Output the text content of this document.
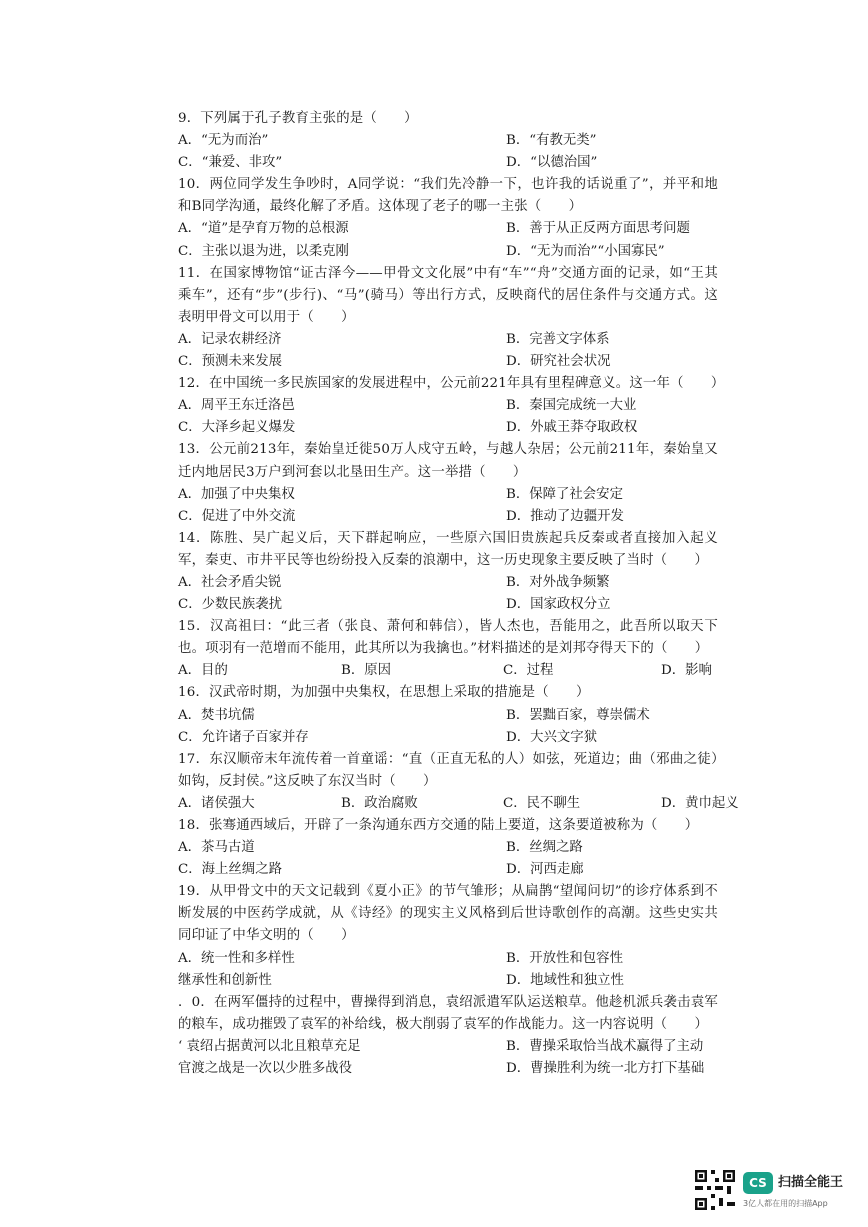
9．下列属于孔子教育主张的是（　　）
A．“无为而治”	B．“有教无类”
C．“兼爱、非攻”	D．“以德治国”
10．两位同学发生争吵时，A同学说：“我们先冷静一下，也许我的话说重了”，并平和地和B同学沟通，最终化解了矛盾。这体现了老子的哪一主张（　　）
A．“道”是孕育万物的总根源	B．善于从正反两方面思考问题
C．主张以退为进，以柔克刚	D．“无为而治”“小国寡民”
11．在国家博物馆“证古泽今——甲骨文文化展”中有“车”“舟”交通方面的记录，如“王其乘车”，还有“步”(步行)、“马”(骑马）等出行方式，反映商代的居住条件与交通方式。这表明甲骨文可以用于（　　）
A．记录农耕经济	B．完善文字体系
C．预测未来发展	D．研究社会状况
12．在中国统一多民族国家的发展进程中，公元前221年具有里程碑意义。这一年（　　）
A．周平王东迁洛邑	B．秦国完成统一大业
C．大泽乡起义爆发	D．外戚王莽夺取政权
13．公元前213年，秦始皇迁徙50万人戍守五岭，与越人杂居；公元前211年，秦始皇又迁内地居民3万户到河套以北垦田生产。这一举措（　　）
A．加强了中央集权	B．保障了社会安定
C．促进了中外交流	D．推动了边疆开发
14．陈胜、吴广起义后，天下群起响应，一些原六国旧贵族起兵反秦或者直接加入起义军，秦吏、市井平民等也纷纷投入反秦的浪潮中，这一历史现象主要反映了当时（　　）
A．社会矛盾尖锐	B．对外战争频繁
C．少数民族袭扰	D．国家政权分立
15．汉高祖曰：“此三者（张良、萧何和韩信），皆人杰也，吾能用之，此吾所以取天下也。项羽有一范增而不能用，此其所以为我擒也。”材料描述的是刘邦夺得天下的（　　）
A．目的	B．原因	C．过程	D．影响
16．汉武帝时期，为加强中央集权，在思想上采取的措施是（　　）
A．焚书坑儒	B．罢黜百家，尊崇儒术
C．允许诸子百家并存	D．大兴文字狱
17．东汉顺帝末年流传着一首童谣：“直（正直无私的人）如弦，死道边；曲（邪曲之徒）如钩，反封侯。”这反映了东汉当时（　　）
A．诸侯强大	B．政治腐败	C．民不聊生	D．黄巾起义
18．张骞通西域后，开辟了一条沟通东西方交通的陆上要道，这条要道被称为（　　）
A．茶马古道	B．丝绸之路
C．海上丝绸之路	D．河西走廊
19．从甲骨文中的天文记载到《夏小正》的节气雏形；从扁鹊“望闻问切”的诊疗体系到不断发展的中医药学成就，从《诗经》的现实主义风格到后世诗歌创作的高潮。这些史实共同印证了中华文明的（　　）
A．统一性和多样性	B．开放性和包容性
继承性和创新性	D．地域性和独立性
．0．在两军僵持的过程中，曹操得到消息，袁绍派遣军队运送粮草。他趁机派兵袭击袁军的粮车，成功摧毁了袁军的补给线，极大削弱了袁军的作战能力。这一内容说明（　　）
‘ 袁绍占据黄河以北且粮草充足	B．曹操采取恰当战术赢得了主动
官渡之战是一次以少胜多战役	D．曹操胜利为统一北方打下基础
CS 扫描全能王
3亿人都在用的扫描App
